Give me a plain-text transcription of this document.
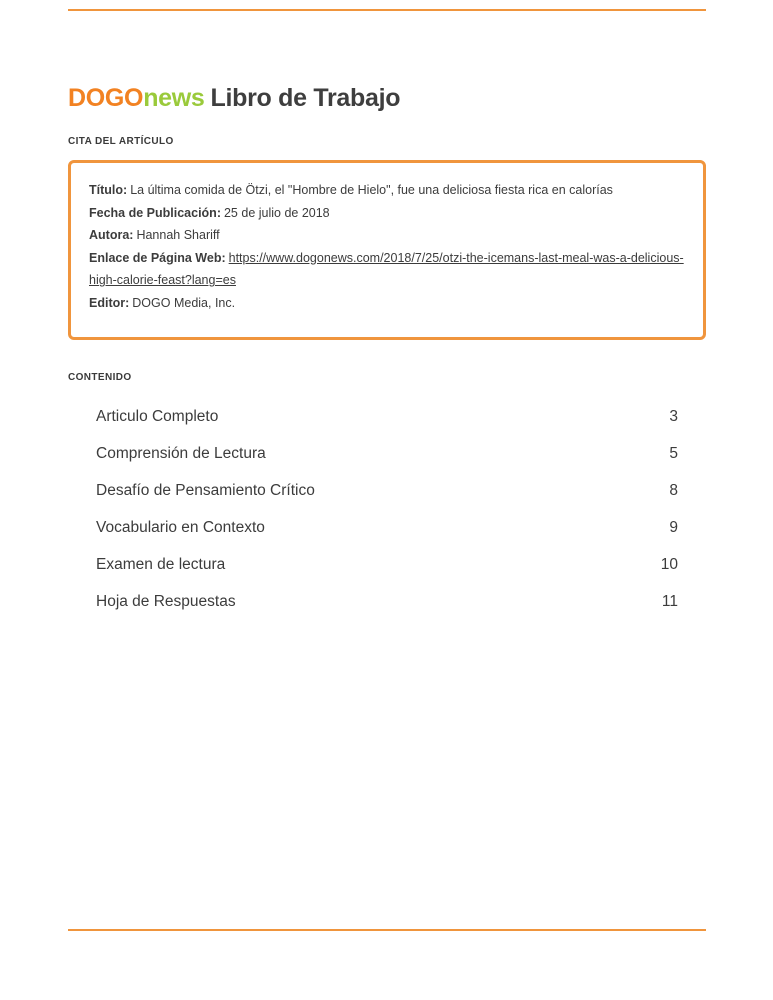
DOGOnews Libro de Trabajo
CITA DEL ARTÍCULO
Título: La última comida de Ötzi, el "Hombre de Hielo", fue una deliciosa fiesta rica en calorías
Fecha de Publicación: 25 de julio de 2018
Autora: Hannah Shariff
Enlace de Página Web: https://www.dogonews.com/2018/7/25/otzi-the-icemans-last-meal-was-a-delicious-high-calorie-feast?lang=es
Editor: DOGO Media, Inc.
CONTENIDO
Articulo Completo	3
Comprensión de Lectura	5
Desafío de Pensamiento Crítico	8
Vocabulario en Contexto	9
Examen de lectura	10
Hoja de Respuestas	11
